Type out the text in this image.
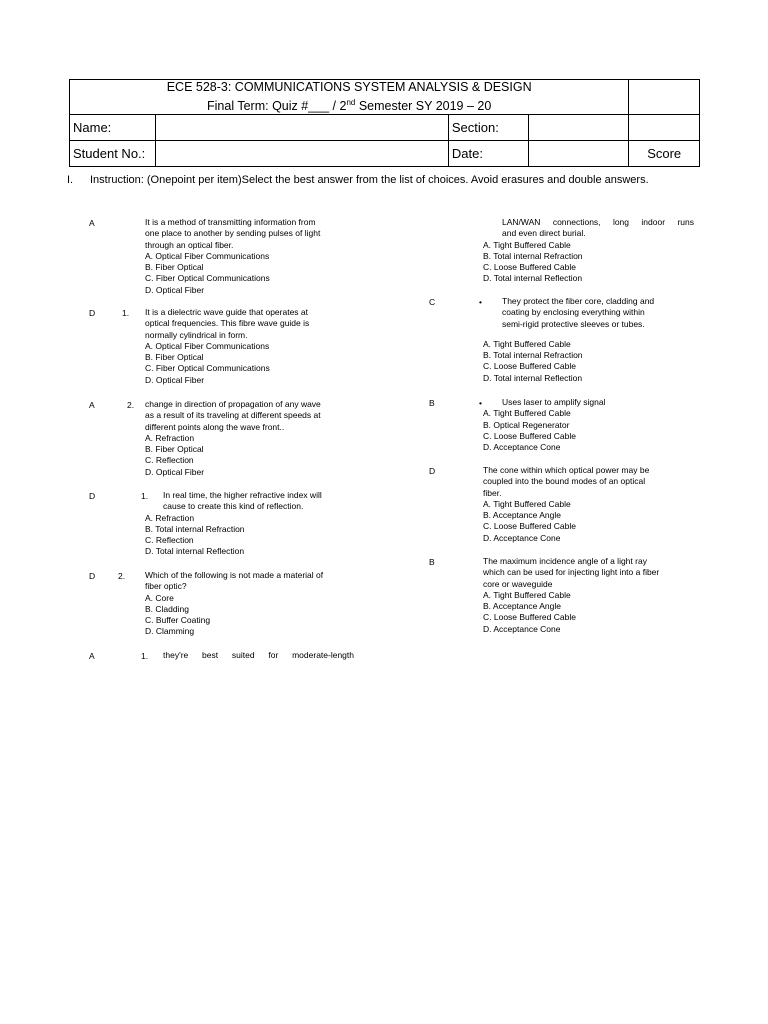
ECE 528-3: COMMUNICATIONS SYSTEM ANALYSIS & DESIGN
Final Term: Quiz #___ / 2nd Semester SY 2019 – 20				

Name:		Section:		
Student No.:		Date:		Score
I. Instruction: (Onepoint per item)Select the best answer from the list of choices. Avoid erasures and double answers.
A	It is a method of transmitting information from

one place to another by sending pulses of light

through an optical fiber.

A. Optical Fiber Communications

B. Fiber Optical

C. Fiber Optical Communications

D. Optical Fiber

D	1. It is a dielectric wave guide that operates at

optical frequencies. This fibre wave guide is

normally cylindrical in form.

A. Optical Fiber Communications

B. Fiber Optical

C. Fiber Optical Communications

D. Optical Fiber

A	2. change in direction of propagation of any wave

as a result of its traveling at different speeds at

different points along the wave front..

A. Refraction

B. Fiber Optical

C. Reflection

D. Optical Fiber

D	1.	In real time, the higher refractive index will

cause to create this kind of reflection.

A. Refraction

B. Total internal Refraction

C. Reflection

D. Total internal Reflection

D	2. Which of the following is not made a material of

fiber optic?

A. Core

B. Cladding

C. Buffer Coating

D. Clamming

A	1. they're best suited for moderate-length

LAN/WAN connections, long indoor runs

and even direct burial.

A. Tight Buffered Cable

B. Total internal Refraction

C. Loose Buffered Cable

D. Total internal Reflection

C	•	They protect the fiber core, cladding and

coating by enclosing everything within

semi-rigid protective sleeves or tubes.

A. Tight Buffered Cable

B. Total internal Refraction

C. Loose Buffered Cable

D. Total internal Reflection

B	•	Uses laser to amplify signal

A. Tight Buffered Cable

B. Optical Regenerator

C. Loose Buffered Cable

D. Acceptance Cone

D	The cone within which optical power may be

coupled into the bound modes of an optical

fiber.

A. Tight Buffered Cable

B. Acceptance Angle

C. Loose Buffered Cable

D. Acceptance Cone

B	The maximum incidence angle of a light ray

which can be used for injecting light into a fiber

core or waveguide

A. Tight Buffered Cable

B. Acceptance Angle

C. Loose Buffered Cable

D. Acceptance Cone
